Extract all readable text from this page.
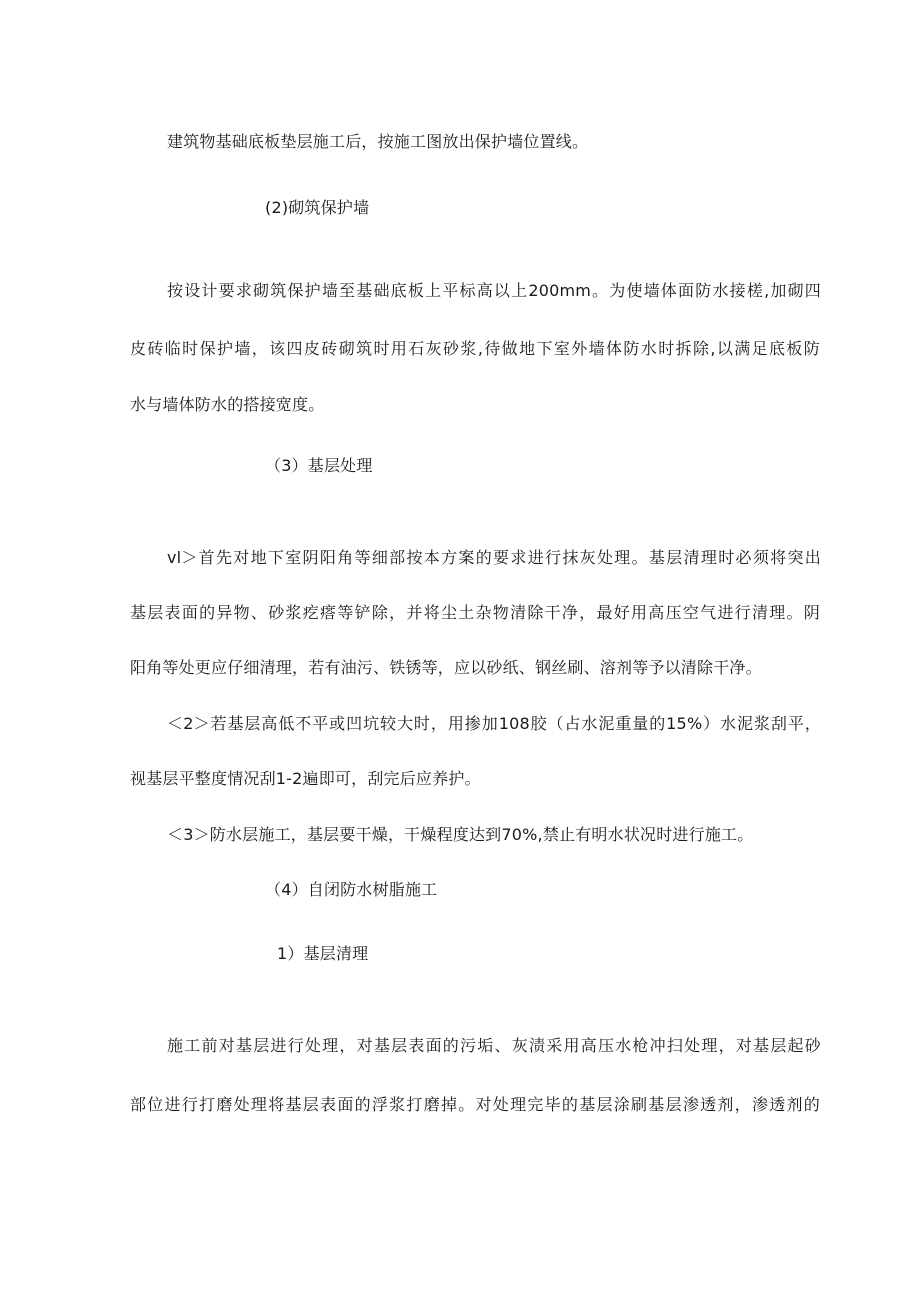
建筑物基础底板垫层施工后，按施工图放出保护墙位置线。

(2)砌筑保护墙

按设计要求砌筑保护墙至基础底板上平标高以上200mm。为使墙体面防水接槎,加砌四

皮砖临时保护墙，该四皮砖砌筑时用石灰砂浆,待做地下室外墙体防水时拆除,以满足底板防

水与墙体防水的搭接宽度。

（3）基层处理

vl＞首先对地下室阴阳角等细部按本方案的要求进行抹灰处理。基层清理时必须将突出

基层表面的异物、砂浆疙瘩等铲除，并将尘土杂物清除干净，最好用高压空气进行清理。阴

阳角等处更应仔细清理，若有油污、铁锈等，应以砂纸、钢丝刷、溶剂等予以清除干净。

＜2＞若基层高低不平或凹坑较大时，用掺加108胶（占水泥重量的15%）水泥浆刮平，

视基层平整度情况刮1-2遍即可，刮完后应养护。

＜3＞防水层施工，基层要干燥，干燥程度达到70%,禁止有明水状况时进行施工。

（4）自闭防水树脂施工

1）基层清理

施工前对基层进行处理，对基层表面的污垢、灰渍采用高压水枪冲扫处理，对基层起砂

部位进行打磨处理将基层表面的浮浆打磨掉。对处理完毕的基层涂刷基层渗透剂，渗透剂的
